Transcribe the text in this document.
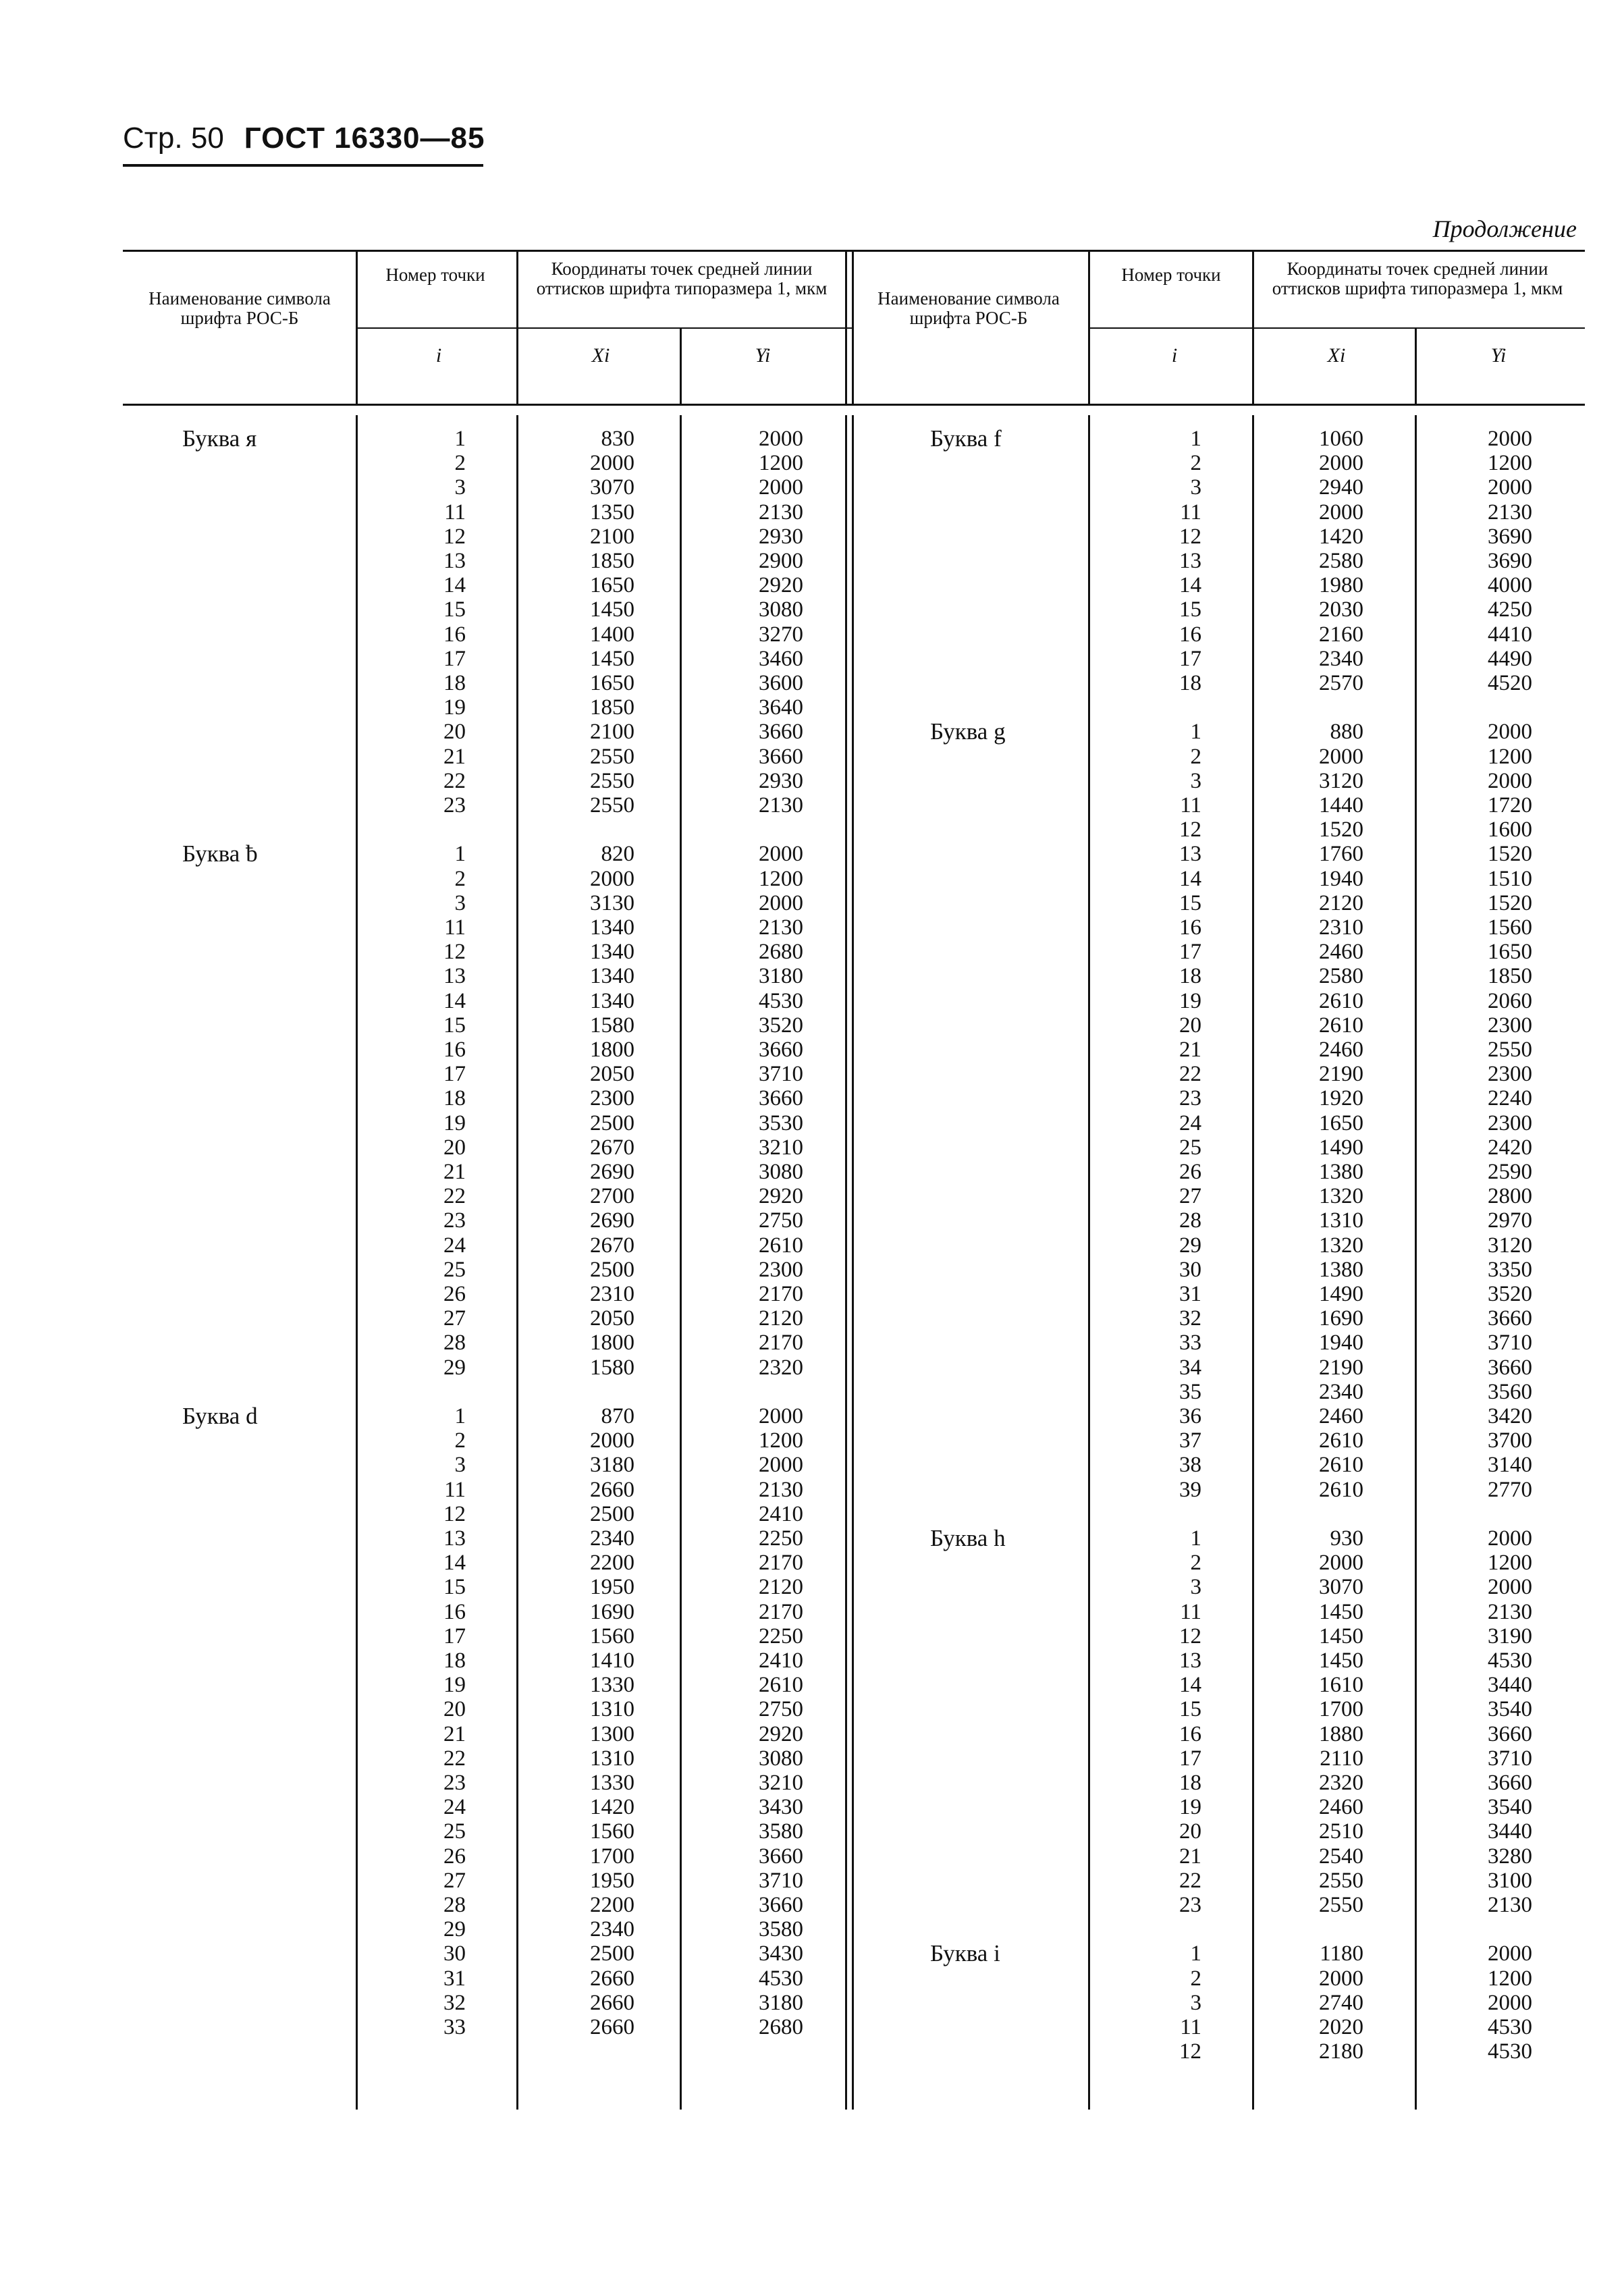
Стр. 50 ГОСТ 16330—85
Продолжение
Наименование символа шрифта РОС-Б
Номер точки	Координаты точек средней линии оттисков шрифта типоразмера 1, мкм
i	Xi	Yi
Наименование символа шрифта РОС-Б
Номер точки	Координаты точек средней линии оттисков шрифта типоразмера 1, мкм
i	Xi	Yi
Буква я	1	830	2000
2	2000	1200
3	3070	2000
11	1350	2130
12	2100	2930
13	1850	2900
14	1650	2920
15	1450	3080
16	1400	3270
17	1450	3460
18	1650	3600
19	1850	3640
20	2100	3660
21	2550	3660
22	2550	2930
23	2550	2130
Буква ƀ	1	820	2000
2	2000	1200
3	3130	2000
11	1340	2130
12	1340	2680
13	1340	3180
14	1340	4530
15	1580	3520
16	1800	3660
17	2050	3710
18	2300	3660
19	2500	3530
20	2670	3210
21	2690	3080
22	2700	2920
23	2690	2750
24	2670	2610
25	2500	2300
26	2310	2170
27	2050	2120
28	1800	2170
29	1580	2320
Буква d	1	870	2000
2	2000	1200
3	3180	2000
11	2660	2130
12	2500	2410
13	2340	2250
14	2200	2170
15	1950	2120
16	1690	2170
17	1560	2250
18	1410	2410
19	1330	2610
20	1310	2750
21	1300	2920
22	1310	3080
23	1330	3210
24	1420	3430
25	1560	3580
26	1700	3660
27	1950	3710
28	2200	3660
29	2340	3580
30	2500	3430
31	2660	4530
32	2660	3180
33	2660	2680
Буква f	1	1060	2000
2	2000	1200
3	2940	2000
11	2000	2130
12	1420	3690
13	2580	3690
14	1980	4000
15	2030	4250
16	2160	4410
17	2340	4490
18	2570	4520
Буква g	1	880	2000
2	2000	1200
3	3120	2000
11	1440	1720
12	1520	1600
13	1760	1520
14	1940	1510
15	2120	1520
16	2310	1560
17	2460	1650
18	2580	1850
19	2610	2060
20	2610	2300
21	2460	2550
22	2190	2300
23	1920	2240
24	1650	2300
25	1490	2420
26	1380	2590
27	1320	2800
28	1310	2970
29	1320	3120
30	1380	3350
31	1490	3520
32	1690	3660
33	1940	3710
34	2190	3660
35	2340	3560
36	2460	3420
37	2610	3700
38	2610	3140
39	2610	2770
Буква h	1	930	2000
2	2000	1200
3	3070	2000
11	1450	2130
12	1450	3190
13	1450	4530
14	1610	3440
15	1700	3540
16	1880	3660
17	2110	3710
18	2320	3660
19	2460	3540
20	2510	3440
21	2540	3280
22	2550	3100
23	2550	2130
Буква i	1	1180	2000
2	2000	1200
3	2740	2000
11	2020	4530
12	2180	4530
